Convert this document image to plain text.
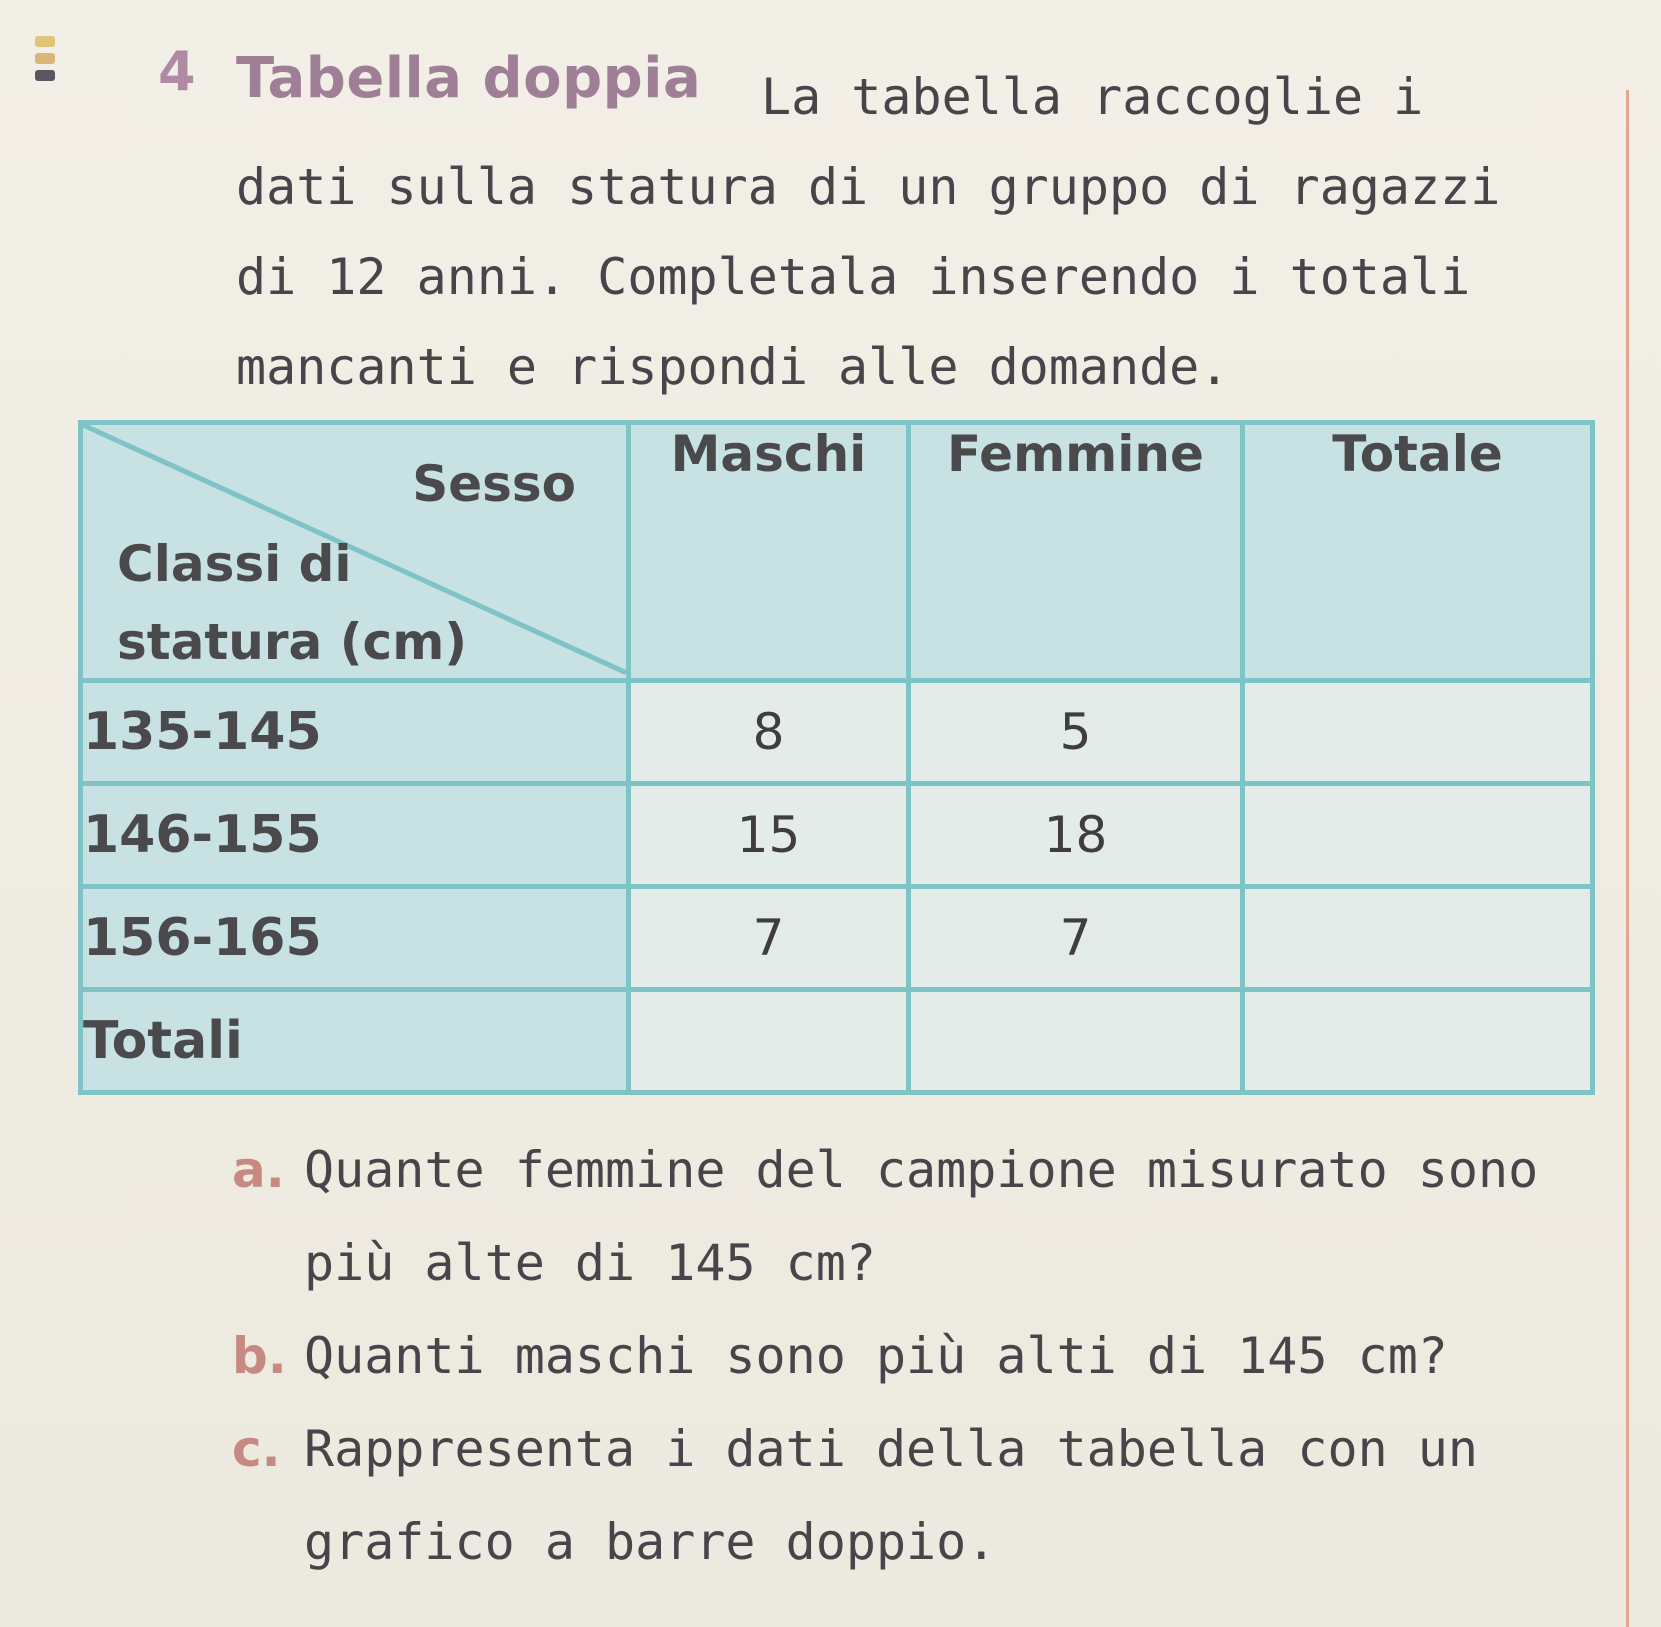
4 Tabella doppia	La tabella raccoglie i dati sulla statura di un gruppo di ragazzi di 12 anni. Completala inserendo i totali mancanti e rispondi alle domande.

Sesso
Classi di statura (cm)	Maschi	Femmine	Totale
135-145	8	5	
146-155	15	18	
156-165	7	7	
Totali			
a. Quante femmine del campione misurato sono più alte di 145 cm?
b. Quanti maschi sono più alti di 145 cm?
c. Rappresenta i dati della tabella con un grafico a barre doppio.
